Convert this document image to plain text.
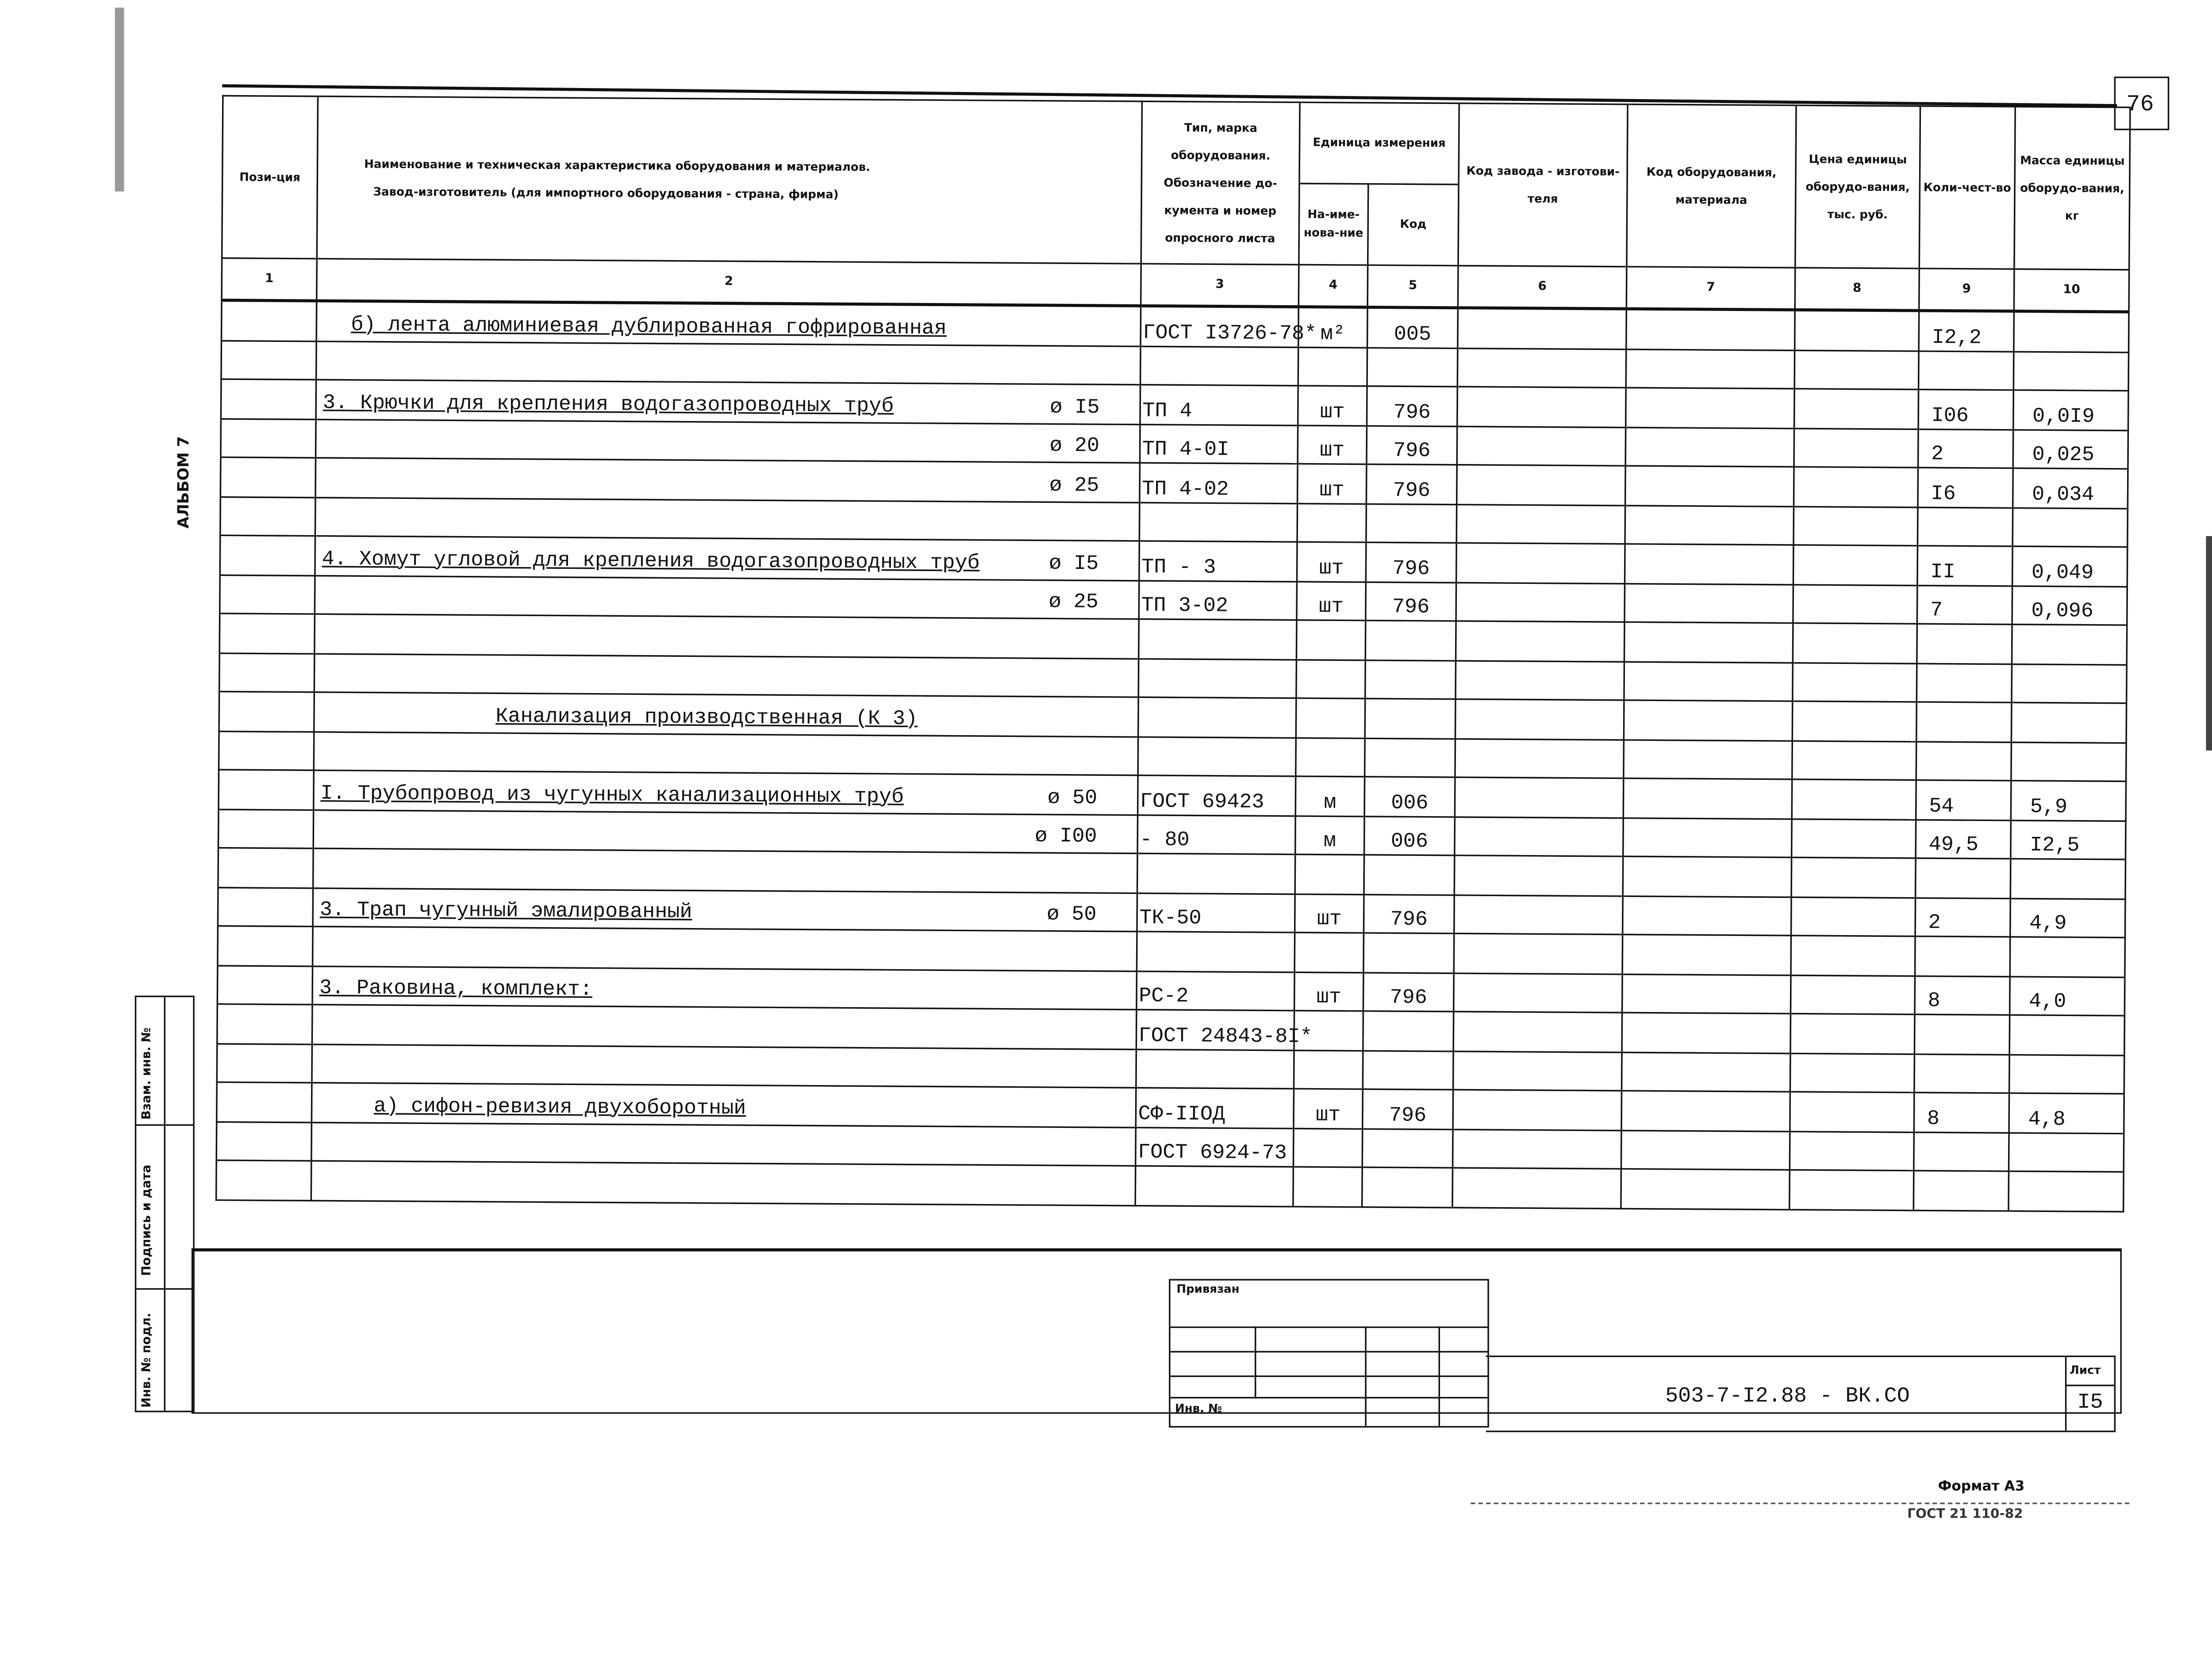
76
АЛЬБОМ 7
Пози-ция	Наименование и техническая характеристика оборудования и материалов.
Завод-изготовитель (для импортного оборудования - страна, фирма)	Тип, марка оборудования. Обозначение до-кумента и номер опросного листа	Единица измерения		Код завода - изготови-теля	Код оборудования, материала	Цена единицы оборудо-вания, тыс. руб.	Коли-чест-во	Масса единицы оборудо-вания, кг
			На-име-нова-ние	Код					
1	2	3	4	5	6	7	8	9	10

	б) лента алюминиевая дублированная гофрированная	ГОСТ I3726-78*	м²	005				I2,2	

	3. Крючки для крепления водогазопроводных труб ø I5	ТП 4	шт	796				I06	0,0I9

	ø 20	ТП 4-0I	шт	796				2	0,025

	ø 25	ТП 4-02	шт	796				I6	0,034

	4. Хомут угловой для крепления водогазопроводных труб ø I5	ТП - 3	шт	796				II	0,049

	ø 25	ТП 3-02	шт	796				7	0,096

	Канализация производственная (К 3)								

	I. Трубопровод из чугунных канализационных труб ø 50	ГОСТ 69423	м	006				54	5,9

	ø I00	- 80	м	006				49,5	I2,5

	3. Трап чугунный эмалированный ø 50	ТК-50	шт	796				2	4,9

	3. Раковина, комплект:	РС-2	шт	796				8	4,0

	ГОСТ 24843-8I*							

	а) сифон-ревизия двухоборотный	СФ-IIОД	шт	796				8	4,8

	ГОСТ 6924-73							

Взам. инв. №
Подпись и дата
Инв. № подл.
Привязан
Инв. №	503-7-I2.88 - ВК.СО
Лист
I5
Формат А3
ГОСТ 21 110-82
